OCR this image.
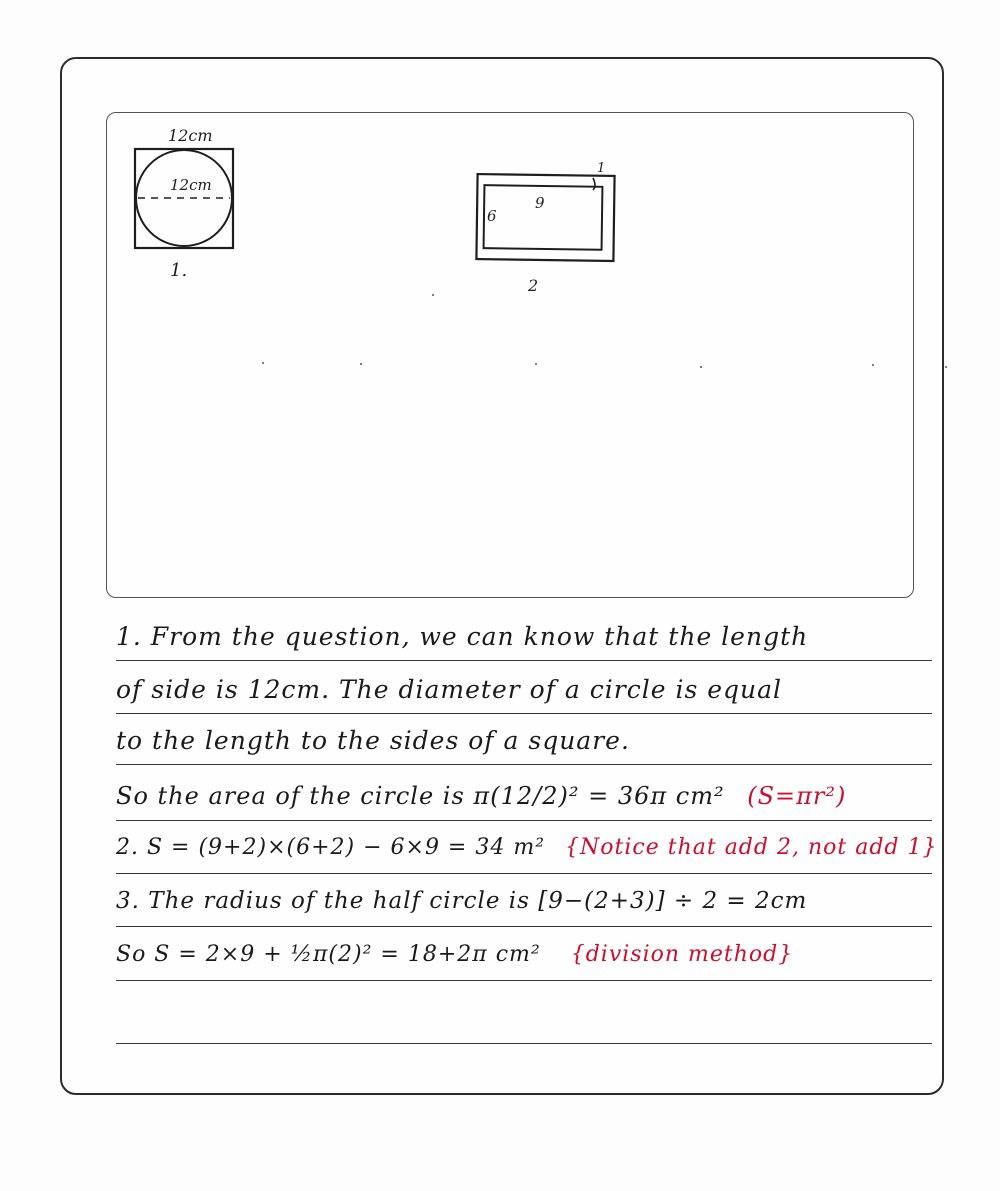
12cm
12cm
1.
9
6
1
2
1. From the question, we can know that the length
of side is 12cm. The diameter of a circle is equal
to the length to the sides of a square.
So the area of the circle is π(12/2)² = 36π cm² (S=πr²)
2. S = (9+2)×(6+2) − 6×9 = 34 m² {Notice that add 2, not add 1}
3. The radius of the half circle is [9−(2+3)] ÷ 2 = 2cm
So S = 2×9 + ½π(2)² = 18+2π cm² {division method}
